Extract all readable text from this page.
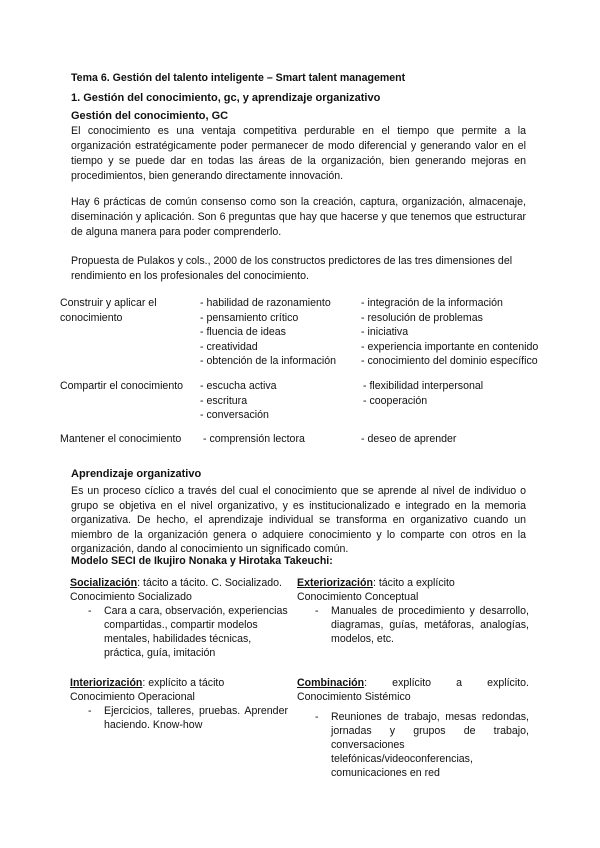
Tema 6. Gestión del talento inteligente – Smart talent management
1. Gestión del conocimiento, gc, y aprendizaje organizativo
Gestión del conocimiento, GC

El conocimiento es una ventaja competitiva perdurable en el tiempo que permite a la organización estratégicamente poder permanecer de modo diferencial y generando valor en el tiempo y se puede dar en todas las áreas de la organización, bien generando mejoras en procedimientos, bien generando directamente innovación.

Hay 6 prácticas de común consenso como son la creación, captura, organización, almacenaje, diseminación y aplicación. Son 6 preguntas que hay que hacerse y que tenemos que estructurar de alguna manera para poder comprenderlo.

Propuesta de Pulakos y cols., 2000 de los constructos predictores de las tres dimensiones del rendimiento en los profesionales del conocimiento.

Construir y aplicar el conocimiento
- habilidad de razonamiento
- pensamiento crítico
- fluencia de ideas
- creatividad
- obtención de la información
- integración de la información
- resolución de problemas
- iniciativa
- experiencia importante en contenido
- conocimiento del dominio específico
Compartir el conocimiento - escucha activa
- escritura
- conversación
- flexibilidad interpersonal
- cooperación
Mantener el conocimiento - comprensión lectora	- deseo de aprender
Aprendizaje organizativo

Es un proceso cíclico a través del cual el conocimiento que se aprende al nivel de individuo o grupo se objetiva en el nivel organizativo, y es institucionalizado e integrado en la memoria organizativa. De hecho, el aprendizaje individual se transforma en organizativo cuando un miembro de la organización genera o adquiere conocimiento y lo comparte con otros en la organización, dando al conocimiento un significado común.

Modelo SECI de Ikujiro Nonaka y Hirotaka Takeuchi:
Socialización: tácito a tácito. C. Socializado.
Conocimiento Socializado
- Cara a cara, observación, experiencias compartidas., compartir modelos mentales, habilidades técnicas, práctica, guía, imitación
Exteriorización: tácito a explícito
Conocimiento Conceptual
- Manuales de procedimiento y desarrollo, diagramas, guías, metáforas, analogías, modelos, etc.
Interiorización: explícito a tácito
Conocimiento Operacional
- Ejercicios, talleres, pruebas. Aprender haciendo. Know-how
Combinación: explícito a explícito. Conocimiento Sistémico
- Reuniones de trabajo, mesas redondas, jornadas y grupos de trabajo, conversaciones telefónicas/videoconferencias, comunicaciones en red
